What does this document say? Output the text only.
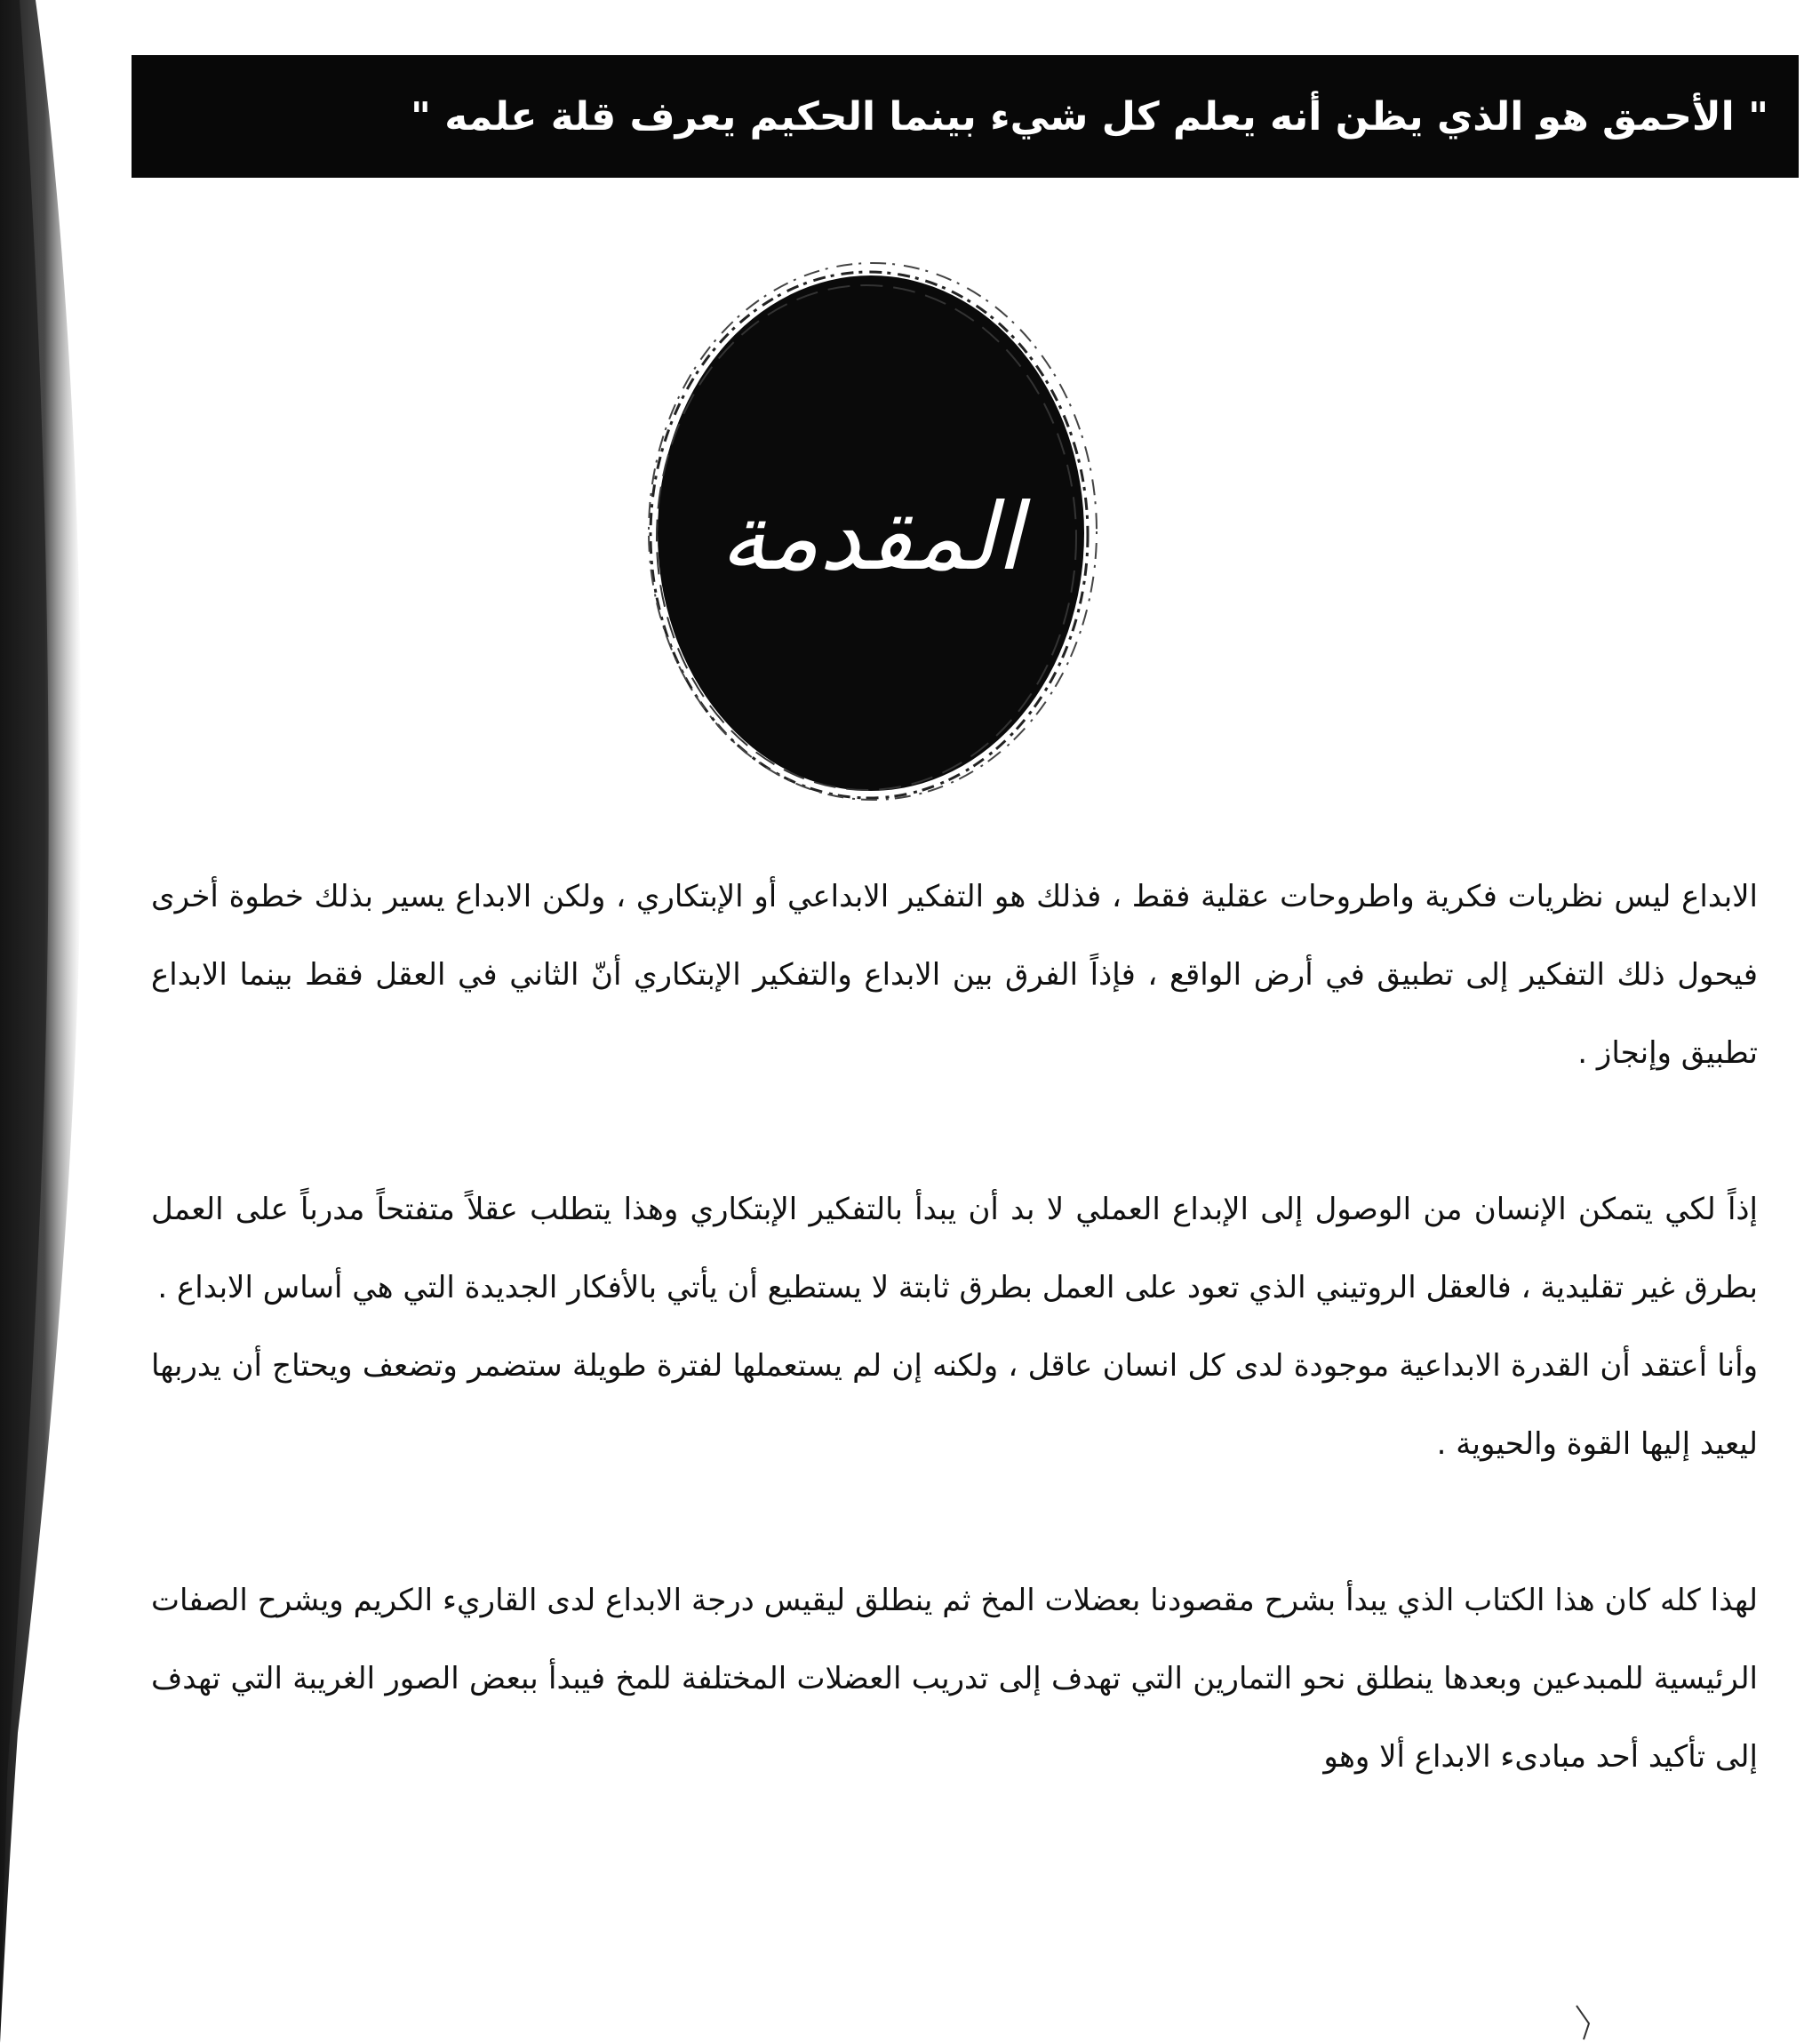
" الأحمق هو الذي يظن أنه يعلم كل شيء بينما الحكيم يعرف قلة علمه "
المقدمة

الابداع ليس نظريات فكرية واطروحات عقلية فقط ، فذلك هو التفكير الابداعي أو الإبتكاري ، ولكن الابداع يسير بذلك خطوة أخرى فيحول ذلك التفكير إلى تطبيق في أرض الواقع ، فإذاً الفرق بين الابداع والتفكير الإبتكاري أنّ الثاني في العقل فقط بينما الابداع تطبيق وإنجاز .

إذاً لكي يتمكن الإنسان من الوصول إلى الإبداع العملي لا بد أن يبدأ بالتفكير الإبتكاري وهذا يتطلب عقلاً متفتحاً مدرباً على العمل بطرق غير تقليدية ، فالعقل الروتيني الذي تعود على العمل بطرق ثابتة لا يستطيع أن يأتي بالأفكار الجديدة التي هي أساس الابداع .

وأنا أعتقد أن القدرة الابداعية موجودة لدى كل انسان عاقل ، ولكنه إن لم يستعملها لفترة طويلة ستضمر وتضعف ويحتاج أن يدربها ليعيد إليها القوة والحيوية .

لهذا كله كان هذا الكتاب الذي يبدأ بشرح مقصودنا بعضلات المخ ثم ينطلق ليقيس درجة الابداع لدى القاريء الكريم ويشرح الصفات الرئيسية للمبدعين وبعدها ينطلق نحو التمارين التي تهدف إلى تدريب العضلات المختلفة للمخ فيبدأ ببعض الصور الغريبة التي تهدف إلى تأكيد أحد مبادىء الابداع ألا وهو
